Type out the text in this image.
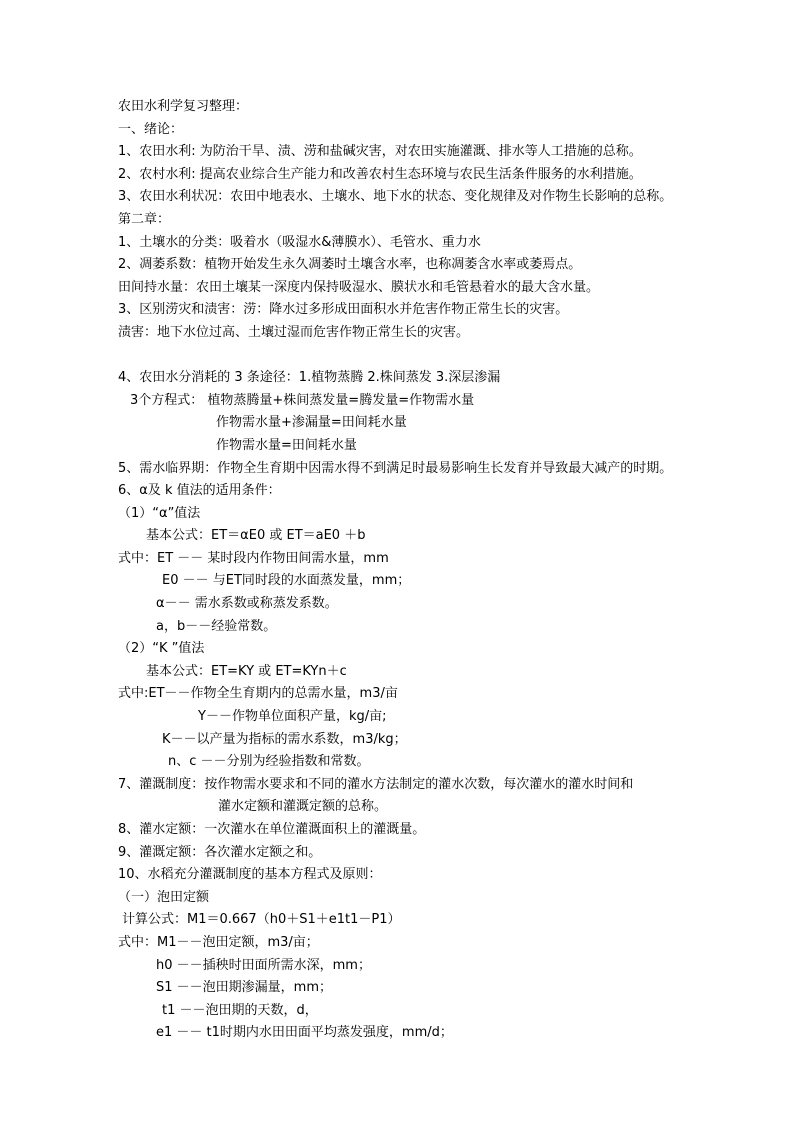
农田水利学复习整理：
一、绪论：
1、农田水利: 为防治干旱、渍、涝和盐碱灾害，对农田实施灌溉、排水等人工措施的总称。
2、农村水利: 提高农业综合生产能力和改善农村生态环境与农民生活条件服务的水利措施。
3、农田水利状况：农田中地表水、土壤水、地下水的状态、变化规律及对作物生长影响的总称。
第二章：
1、土壤水的分类：吸着水（吸湿水&薄膜水）、毛管水、重力水
2、凋萎系数：植物开始发生永久凋萎时土壤含水率，也称凋萎含水率或萎焉点。
田间持水量：农田土壤某一深度内保持吸湿水、膜状水和毛管悬着水的最大含水量。
3、区别涝灾和渍害：涝：降水过多形成田面积水并危害作物正常生长的灾害。
渍害：地下水位过高、土壤过湿而危害作物正常生长的灾害。
4、农田水分消耗的 3 条途径：1.植物蒸腾 2.株间蒸发 3.深层渗漏
3个方程式： 植物蒸腾量+株间蒸发量=腾发量=作物需水量
作物需水量+渗漏量=田间耗水量
作物需水量=田间耗水量
5、需水临界期：作物全生育期中因需水得不到满足时最易影响生长发育并导致最大减产的时期。
6、α及 k 值法的适用条件：
（1）“α”值法
基本公式：ET＝αE0 或 ET＝aE0 ＋b
式中：ET －－ 某时段内作物田间需水量，mm
E0 －－ 与ET同时段的水面蒸发量，mm；
α－－ 需水系数或称蒸发系数。
a，b－－经验常数。
（2）“K ”值法
基本公式：ET=KY 或 ET=KYn＋c
式中:ET－－作物全生育期内的总需水量，m3/亩
Y－－作物单位面积产量，kg/亩;
K－－以产量为指标的需水系数，m3/kg；
n、c －－分别为经验指数和常数。
7、灌溉制度：按作物需水要求和不同的灌水方法制定的灌水次数，每次灌水的灌水时间和
灌水定额和灌溉定额的总称。
8、灌水定额：一次灌水在单位灌溉面积上的灌溉量。
9、灌溉定额：各次灌水定额之和。
10、水稻充分灌溉制度的基本方程式及原则：
（一）泡田定额
计算公式：M1＝0.667（h0＋S1＋e1t1－P1）
式中：M1－－泡田定额，m3/亩；
h0 －－插秧时田面所需水深，mm；
S1 －－泡田期渗漏量，mm；
t1 －－泡田期的天数，d，
e1 －－ t1时期内水田田面平均蒸发强度，mm/d；
